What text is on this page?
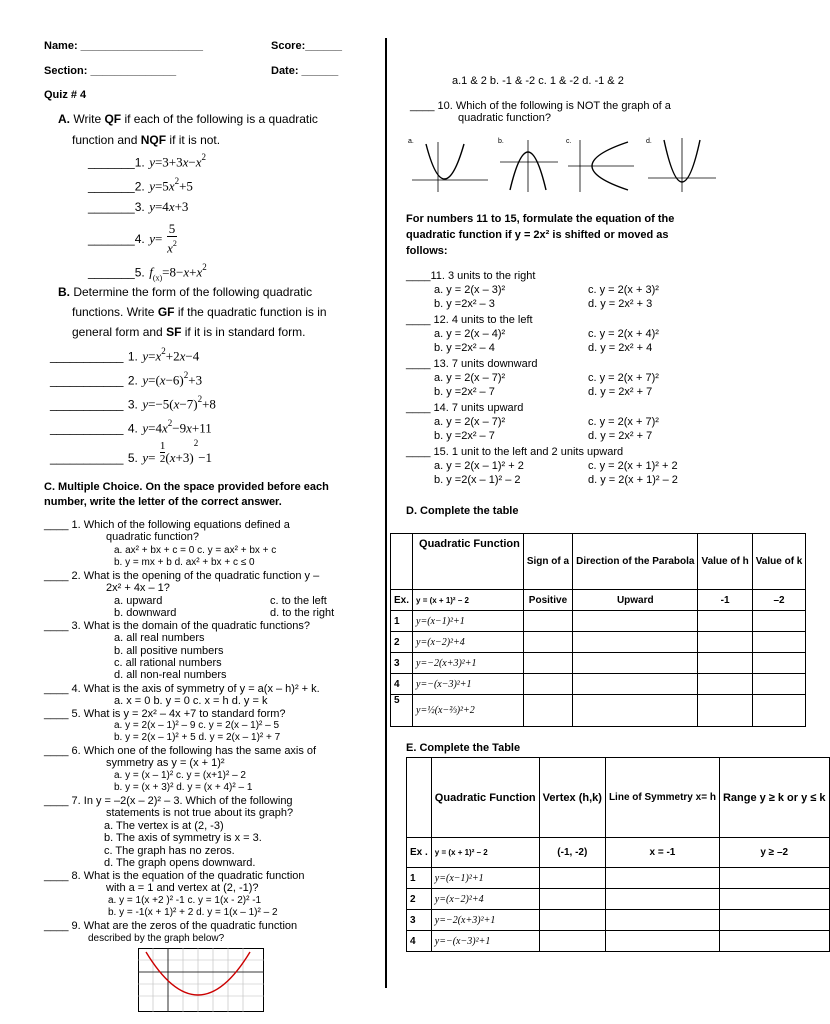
Name: ____________________	Score:______
Section: ______________	Date: ______
Quiz # 4
A. Write QF if each of the following is a quadratic
function and NQF if it is not.
_______1. $y=3+3x-x^2$
_______2. $y=5x^2+5$
_______3. y=4x+3
$_{\_\_\_\_\_\_\_4.}$ $_{y=}$
5
$x^2$
_______5. $f_{(x)}=8-x+x^2$
B. Determine the form of the following quadratic
functions. Write GF if the quadratic function is in
general form and SF if it is in standard form.
___________ 1. $y=x^2+2x-4$
___________ 2. $y=(x-6)^2+3$
___________ 3. $y=-5(x-7)^2+8$
___________ 4. $y=4x^2-9x+11$
$_{\_\_\_\_\_\_\_\_\_\_\_}$ $_{5.}$ $_{y=} \frac{1}{2} _{(x+3)}^2_{-1}$
C. Multiple Choice. On the space provided before each
number, write the letter of the correct answer.
____ 1. Which of the following equations defined a
quadratic function?
a. ax² + bx + c = 0 c. y = ax² + bx + c
b. y = mx + b d. ax² + bx + c ≤ 0
____ 2. What is the opening of the quadratic function y –
2x² + 4x – 1?
a. upward	c. to the left
b. downward	d. to the right
____ 3. What is the domain of the quadratic functions?
a. all real numbers
b. all positive numbers
c. all rational numbers
d. all non-real numbers
____ 4. What is the axis of symmetry of y = a(x – h)² + k.
a. x = 0 b. y = 0 c. x = h d. y = k
____ 5. What is y = 2x² – 4x +7 to standard form?
a. y = 2(x – 1)² – 9 c. y = 2(x – 1)² – 5
b. y = 2(x – 1)² + 5 d. y = 2(x – 1)² + 7
____ 6. Which one of the following has the same axis of
symmetry as y = (x + 1)²
a. y = (x – 1)² c. y = (x+1)² – 2
b. y = (x + 3)² d. y = (x + 4)² – 1
____ 7. In y = –2(x – 2)² – 3. Which of the following
statements is not true about its graph?
a. The vertex is at (2, -3)
b. The axis of symmetry is x = 3.
c. The graph has no zeros.
d. The graph opens downward.
____ 8. What is the equation of the quadratic function
with a = 1 and vertex at (2, -1)?
a. y = 1(x +2 )² -1 c. y = 1(x - 2)² -1
b. y = -1(x + 1)² + 2 d. y = 1(x – 1)² – 2
____ 9. What are the zeros of the quadratic function
described by the graph below?
a.1 & 2 b. -1 & -2 c. 1 & -2 d. -1 & 2
____ 10. Which of the following is NOT the graph of a
quadratic function?
a.	b.	c.	d.
For numbers 11 to 15, formulate the equation of the
quadratic function if y = 2x² is shifted or moved as
follows:
____11. 3 units to the right
a. y = 2(x – 3)²	c. y = 2(x + 3)²
b. y =2x² – 3	d. y = 2x² + 3
____ 12. 4 units to the left
a. y = 2(x – 4)²	c. y = 2(x + 4)²
b. y =2x² – 4	d. y = 2x² + 4
____ 13. 7 units downward
a. y = 2(x – 7)²	c. y = 2(x + 7)²
b. y =2x² – 7	d. y = 2x² + 7
____ 14. 7 units upward
a. y = 2(x – 7)²	c. y = 2(x + 7)²
b. y =2x² – 7	d. y = 2x² + 7
____ 15. 1 unit to the left and 2 units upward
a. y = 2(x – 1)² + 2	c. y = 2(x + 1)² + 2
b. y =2(x – 1)² – 2	d. y = 2(x + 1)² – 2
D. Complete the table
	Quadratic Function	Sign of a	Direction of the Parabola	Value of h	Value of k
Ex.	y = (x + 1)² – 2	Positive	Upward	-1	–2
1	y=(x−1)²+1				
2	y=(x−2)²+4				
3	y=−2(x+3)²+1				
4	y=−(x−3)²+1				
5	y=½(x−⅔)²+2				
E. Complete the Table
	Quadratic Function	Vertex (h,k)	Line of Symmetry x= h	Range y ≥ k or y ≤ k
Ex .	y = (x + 1)² – 2	(-1, -2)	x = -1	y ≥ –2
1	y=(x−1)²+1			
2	y=(x−2)²+4			
3	y=−2(x+3)²+1			
4	y=−(x−3)²+1			
